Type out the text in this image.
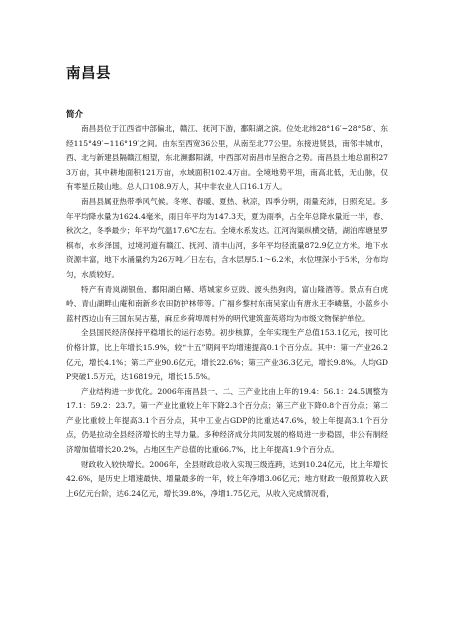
南昌县
简介

南昌县位于江西省中部偏北，赣江、抚河下游，鄱阳湖之滨。位处北纬28°16′~28°58′、东经115°49′~116°19′之间。由东至西宽36公里，从南至北77公里。东接进贤县，南邻丰城市，西、北与新建县隔赣江相望，东北濒鄱阳湖，中西部对南昌市呈抱合之势。南昌县土地总面积273万亩，其中耕地面积121万亩，水域面积102.4万亩。全境地势平坦，南高北低，无山脉，仅有零星丘陵山地。总人口108.9万人，其中非农业人口16.1万人。

南昌县属亚热带季风气候。冬寒、春暖、夏热、秋凉，四季分明，雨量充沛，日照充足。多年平均降水量为1624.4毫米，雨日年平均为147.3天，夏为雨季，占全年总降水量近一半，春、秋次之，冬季最少；年平均气温17.6℃左右。全境水系发达。江河沟渠纵横交错，湖泊库塘星罗棋布，水乡泽国，过境河道有赣江、抚河、清丰山河，多年平均径流量872.9亿立方米。地下水资源丰富，地下水涌量约为26万吨／日左右，含水层厚5.1～6.2米，水位埋深小于5米，分布均匀，水质较好。

特产有青岚湖银鱼、鄱阳湖白鳝、塔城家乡豆豉、渡头热狗肉，富山隆酒等。景点有白虎岭、青山湖畔山庵和南新乡农田防护林带等。广福乡黎村东南吴家山有唐永王李嶙墓，小蓝乡小蓝村西边山有三国东吴古墓，麻丘乡荷埠周村外的明代建筑蛮英塔均为市级文物保护单位。

全县国民经济保持平稳增长的运行态势。初步核算，全年实现生产总值153.1亿元，按可比价格计算，比上年增长15.9%，较“十五”期间平均增速提高0.1个百分点。其中：第一产业26.2亿元，增长4.1%；第二产业90.6亿元，增长22.6%；第三产业36.3亿元，增长9.8%。人均GDP突破1.5万元，达16819元，增长15.5%。

产业结构进一步优化。2006年南昌县一、二、三产业比由上年的19.4：56.1：24.5调整为17.1：59.2：23.7。第一产业比重较上年下降2.3个百分点；第三产业下降0.8个百分点；第二产业比重较上年提高3.1个百分点，其中工业占GDP的比重达47.6%，较上年提高3.1个百分点，仍是拉动全县经济增长的主导力量。多种经济成分共同发展的格局进一步稳固，非公有制经济增加值增长20.2%，占地区生产总值的比重66.7%，比上年提高1.9个百分点。

财政收入较快增长。2006年，全县财政总收入实现三级连跨，达到10.24亿元，比上年增长42.6%，是历史上增速最快、增量最多的一年，较上年净增3.06亿元；地方财政一般预算收入跃上6亿元台阶，达6.24亿元，增长39.8%，净增1.75亿元，从收入完成情况看，
